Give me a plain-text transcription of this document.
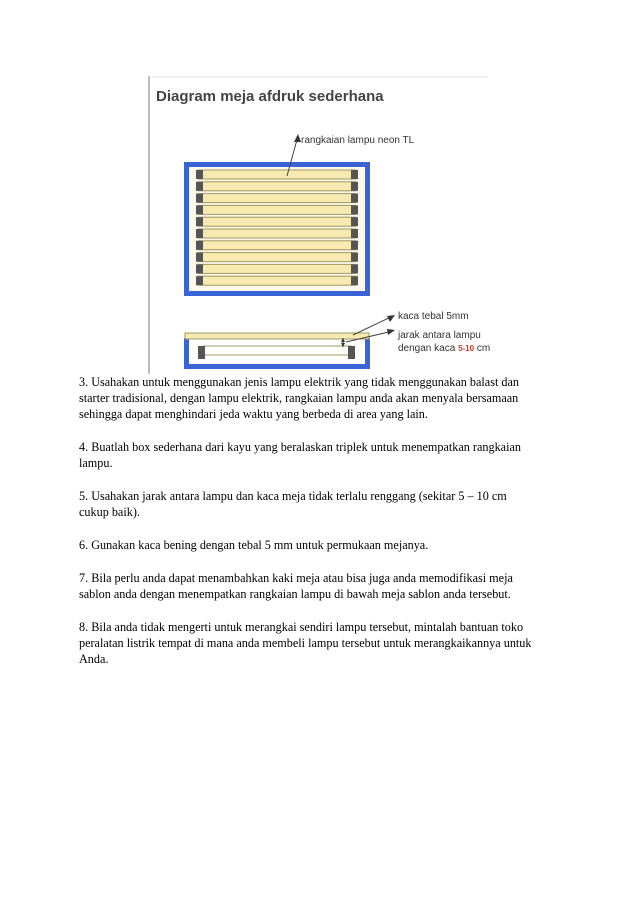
Diagram meja afdruk sederhana
rangkaian lampu neon TL
kaca tebal 5mm
jarak antara lampu
dengan kaca 5-10 cm

3. Usahakan untuk menggunakan jenis lampu elektrik yang tidak menggunakan balast dan
starter tradisional, dengan lampu elektrik, rangkaian lampu anda akan menyala bersamaan
sehingga dapat menghindari jeda waktu yang berbeda di area yang lain.

4. Buatlah box sederhana dari kayu yang beralaskan triplek untuk menempatkan rangkaian
lampu.

5. Usahakan jarak antara lampu dan kaca meja tidak terlalu renggang (sekitar 5 – 10 cm
cukup baik).

6. Gunakan kaca bening dengan tebal 5 mm untuk permukaan mejanya.

7. Bila perlu anda dapat menambahkan kaki meja atau bisa juga anda memodifikasi meja
sablon anda dengan menempatkan rangkaian lampu di bawah meja sablon anda tersebut.

8. Bila anda tidak mengerti untuk merangkai sendiri lampu tersebut, mintalah bantuan toko
peralatan listrik tempat di mana anda membeli lampu tersebut untuk merangkaikannya untuk
Anda.
